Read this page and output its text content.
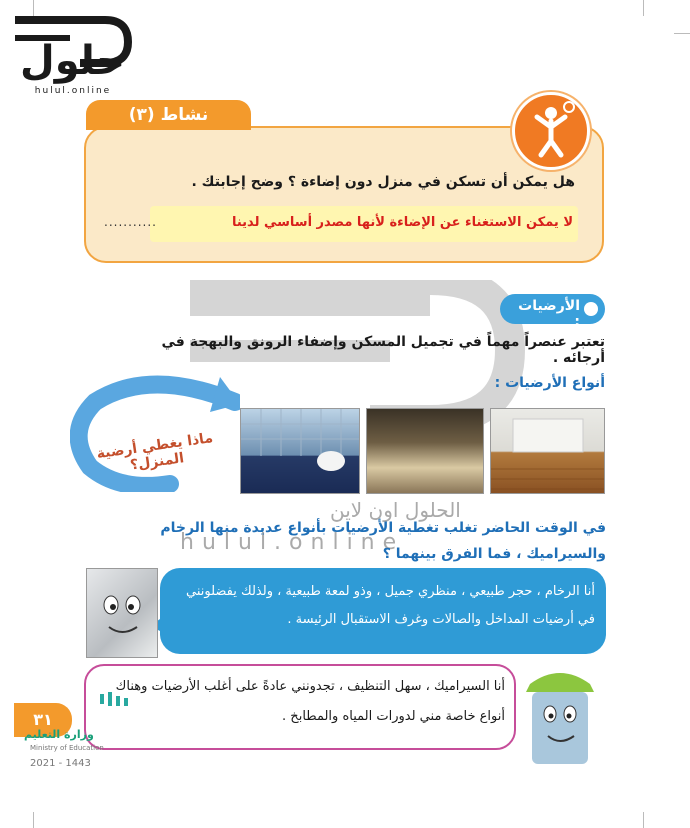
حلول
hulul.online
الحلول اون لاين
hulul.online
نشاط (٣)
هل يمكن أن تسكن في منزل دون إضاءة ؟ وضح إجابتك .
لا يمكن الاستغناء عن الإضاءة لأنها مصدر أساسي لدينا
...........
الأرضيات :
تعتبر عنصراً مهماً في تجميل المسكن وإضفاء الرونق والبهجة في أرجائه .
أنواع الأرضيات :
ماذا يغطي أرضية المنزل؟
في الوقت الحاضر تغلب تغطية الأرضيات بأنواع عديدة منها الرخام والسيراميك ، فما الفرق بينهما ؟
أنا الرخام ، حجر طبيعي ، منظري جميل ، وذو لمعة طبيعية ، ولذلك يفضلونني في أرضيات المداخل والصالات وغرف الاستقبال الرئيسة .
أنا السيراميك ، سهل التنظيف ، تجدونني عادةً على أغلب الأرضيات وهناك أنواع خاصة مني لدورات المياه والمطابخ .
٣١
وزارة التعليم
Ministry of Education
2021 - 1443
